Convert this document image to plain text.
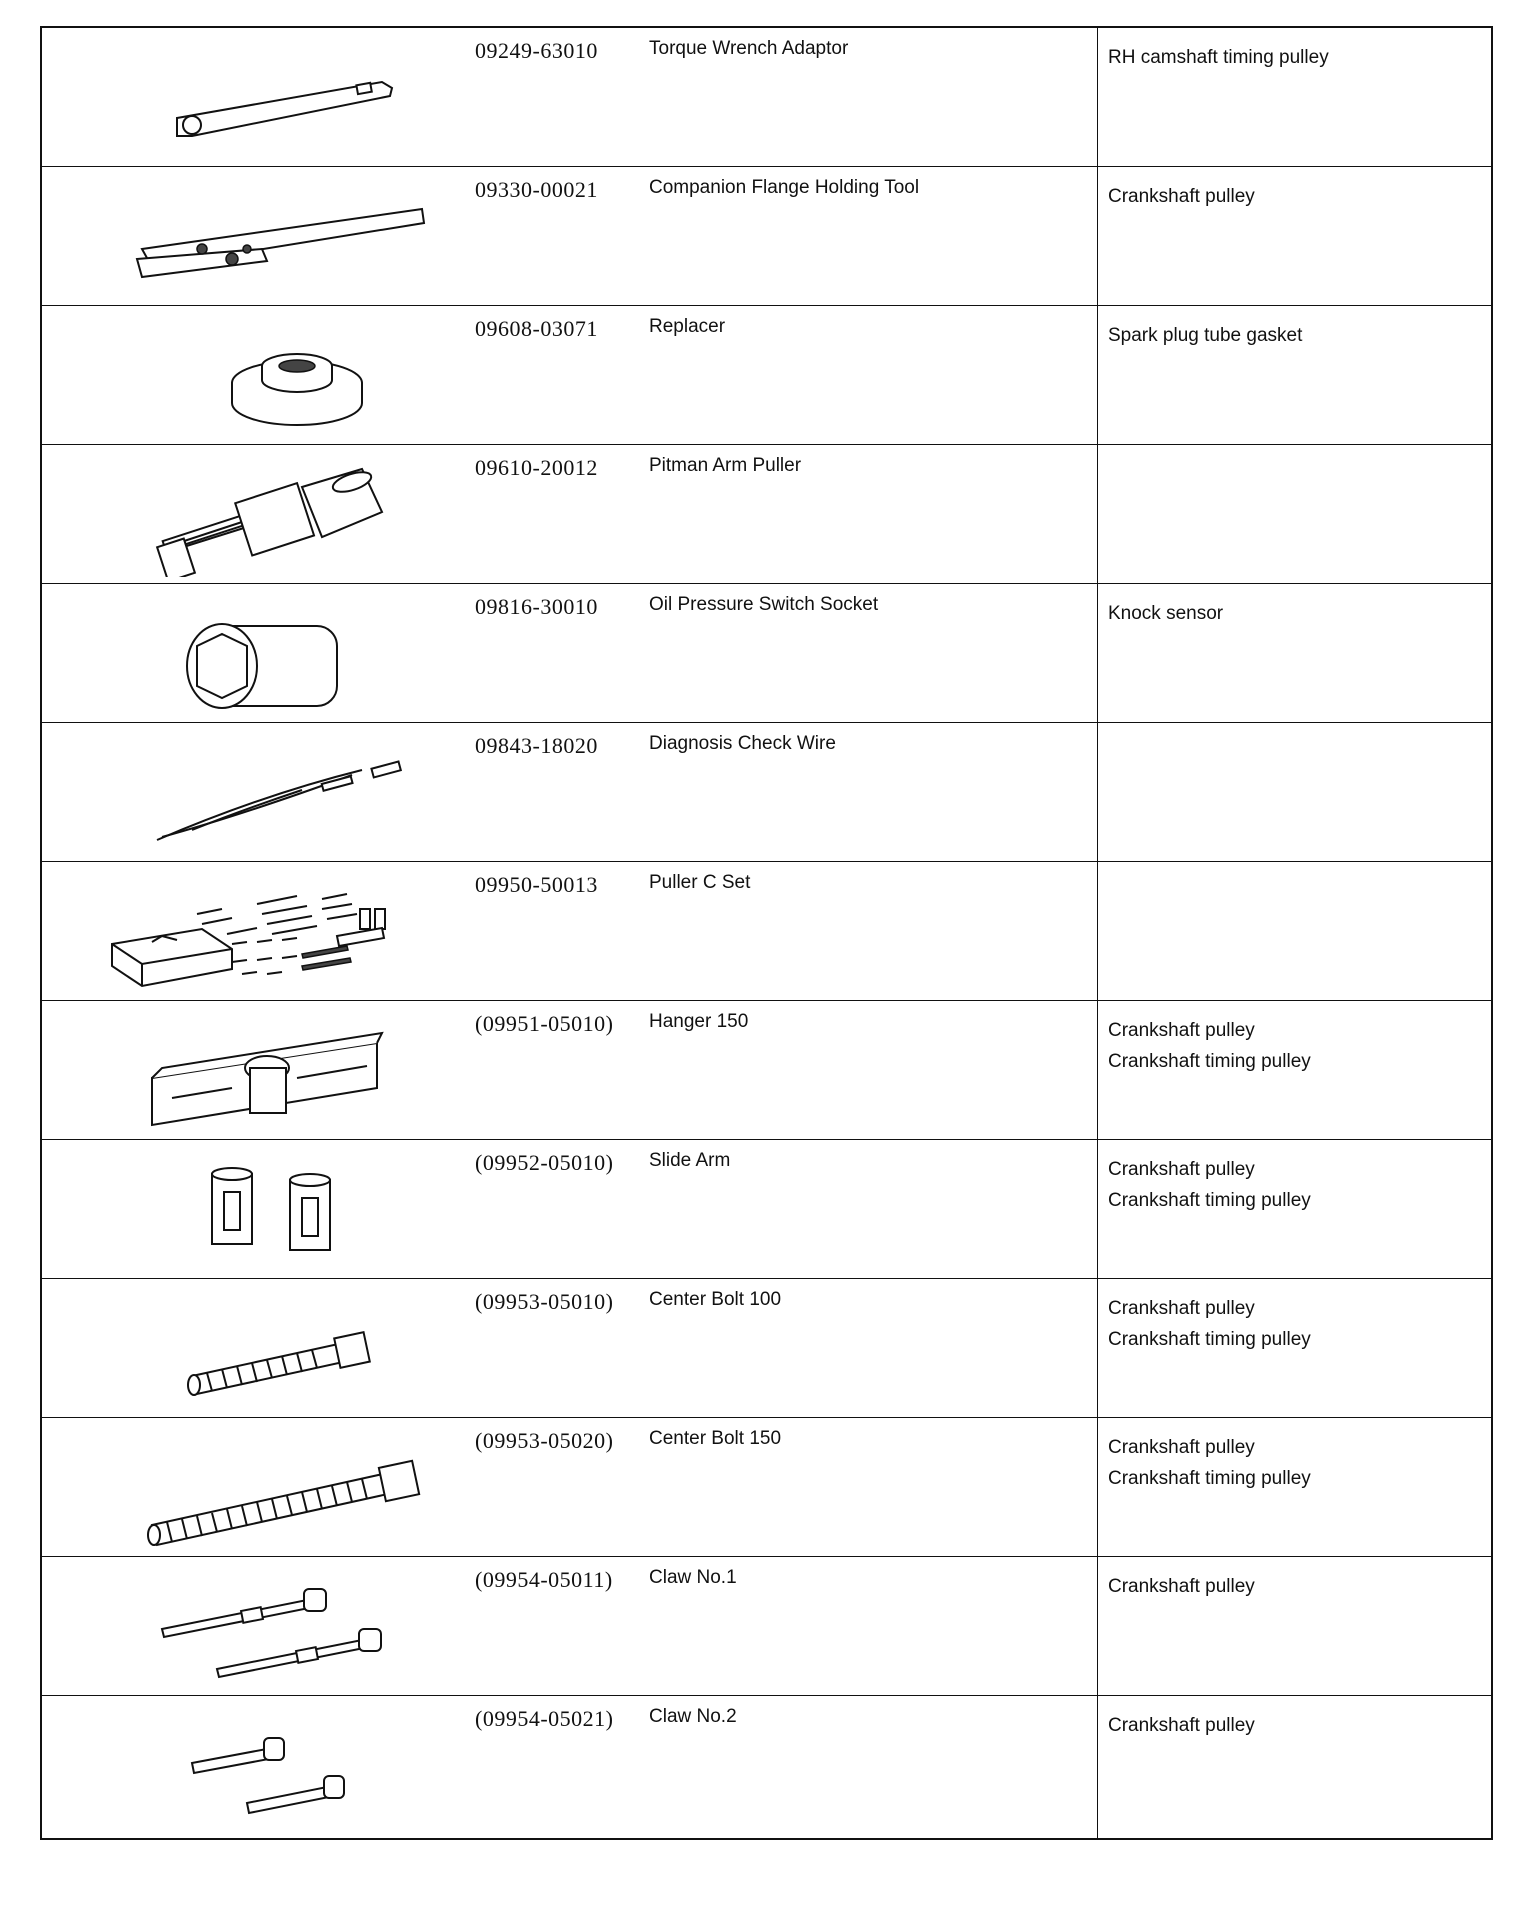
09249-63010	Torque Wrench Adaptor	RH camshaft timing pulley

09330-00021	Companion Flange Holding Tool	Crankshaft pulley

09608-03071	Replacer	Spark plug tube gasket

09610-20012	Pitman Arm Puller	

09816-30010	Oil Pressure Switch Socket	Knock sensor

09843-18020	Diagnosis Check Wire	

09950-50013	Puller C Set	

(09951-05010)	Hanger 150	Crankshaft pulley
Crankshaft timing pulley

(09952-05010)	Slide Arm	Crankshaft pulley
Crankshaft timing pulley

(09953-05010)	Center Bolt 100	Crankshaft pulley
Crankshaft timing pulley

(09953-05020)	Center Bolt 150	Crankshaft pulley
Crankshaft timing pulley

(09954-05011)	Claw No.1	Crankshaft pulley

(09954-05021)	Claw No.2	Crankshaft pulley
